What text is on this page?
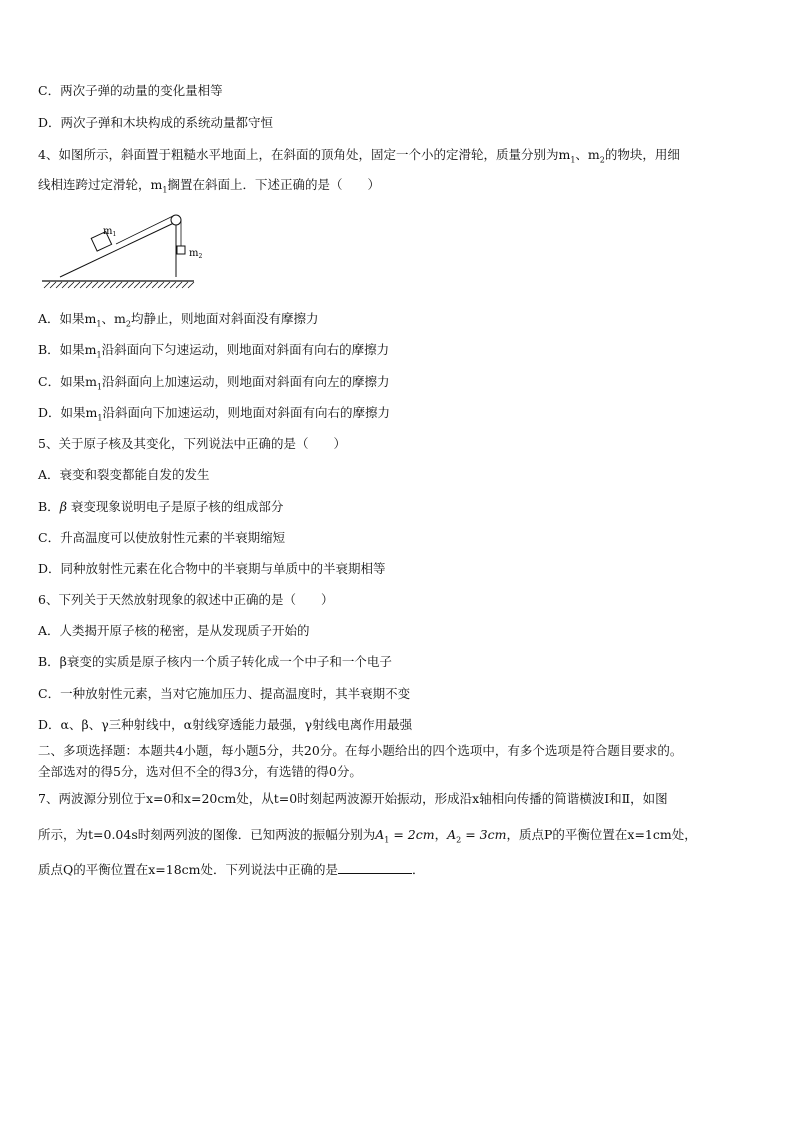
C．两次子弹的动量的变化量相等
D．两次子弹和木块构成的系统动量都守恒
4、如图所示，斜面置于粗糙水平地面上，在斜面的顶角处，固定一个小的定滑轮，质量分别为$m_1$、$m_2$的物块，用细
线相连跨过定滑轮，$m_1$搁置在斜面上．下述正确的是（　　）
$m_1$
$m_2$
A．如果$m_1$、$m_2$均静止，则地面对斜面没有摩擦力
B．如果$m_1$沿斜面向下匀速运动，则地面对斜面有向右的摩擦力
C．如果$m_1$沿斜面向上加速运动，则地面对斜面有向左的摩擦力
D．如果$m_1$沿斜面向下加速运动，则地面对斜面有向右的摩擦力
5、关于原子核及其变化，下列说法中正确的是（　　）
A．衰变和裂变都能自发的发生
B．β 衰变现象说明电子是原子核的组成部分
C．升高温度可以使放射性元素的半衰期缩短
D．同种放射性元素在化合物中的半衰期与单质中的半衰期相等
6、下列关于天然放射现象的叙述中正确的是（　　）
A．人类揭开原子核的秘密，是从发现质子开始的
B．β衰变的实质是原子核内一个质子转化成一个中子和一个电子
C．一种放射性元素，当对它施加压力、提高温度时，其半衰期不变
D．α、β、γ三种射线中，α射线穿透能力最强，γ射线电离作用最强
二、多项选择题：本题共4小题，每小题5分，共20分。在每小题给出的四个选项中，有多个选项是符合题目要求的。
全部选对的得5分，选对但不全的得3分，有选错的得0分。
7、两波源分别位于x=0和x=20cm处，从t=0时刻起两波源开始振动，形成沿x轴相向传播的简谐横波Ⅰ和Ⅱ，如图
所示，为t=0.04s时刻两列波的图像．已知两波的振幅分别为$A_1 = 2cm$，$A_2 = 3cm$，质点P的平衡位置在x=1cm处，
质点Q的平衡位置在x=18cm处．下列说法中正确的是	．
